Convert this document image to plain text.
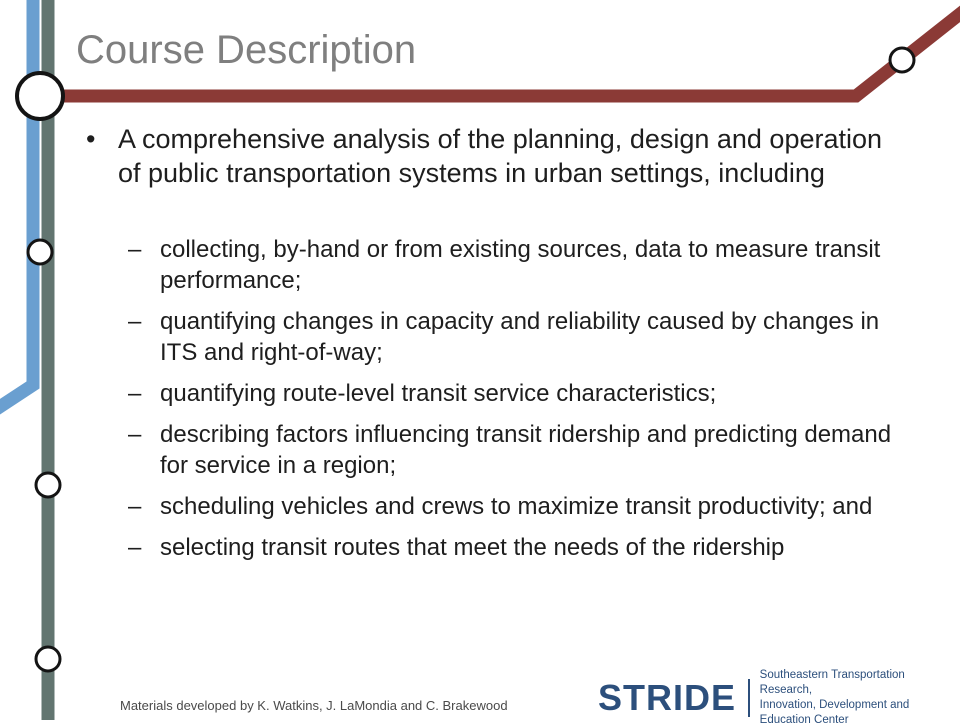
Course Description
• A comprehensive analysis of the planning, design and operation of public transportation systems in urban settings, including
– collecting, by-hand or from existing sources, data to measure transit performance;
– quantifying changes in capacity and reliability caused by changes in ITS and right-of-way;
– quantifying route-level transit service characteristics;
– describing factors influencing transit ridership and predicting demand for service in a region;
– scheduling vehicles and crews to maximize transit productivity; and
– selecting transit routes that meet the needs of the ridership
Materials developed by K. Watkins, J. LaMondia and C. Brakewood	STRIDE
Southeastern Transportation Research,
Innovation, Development and Education Center
